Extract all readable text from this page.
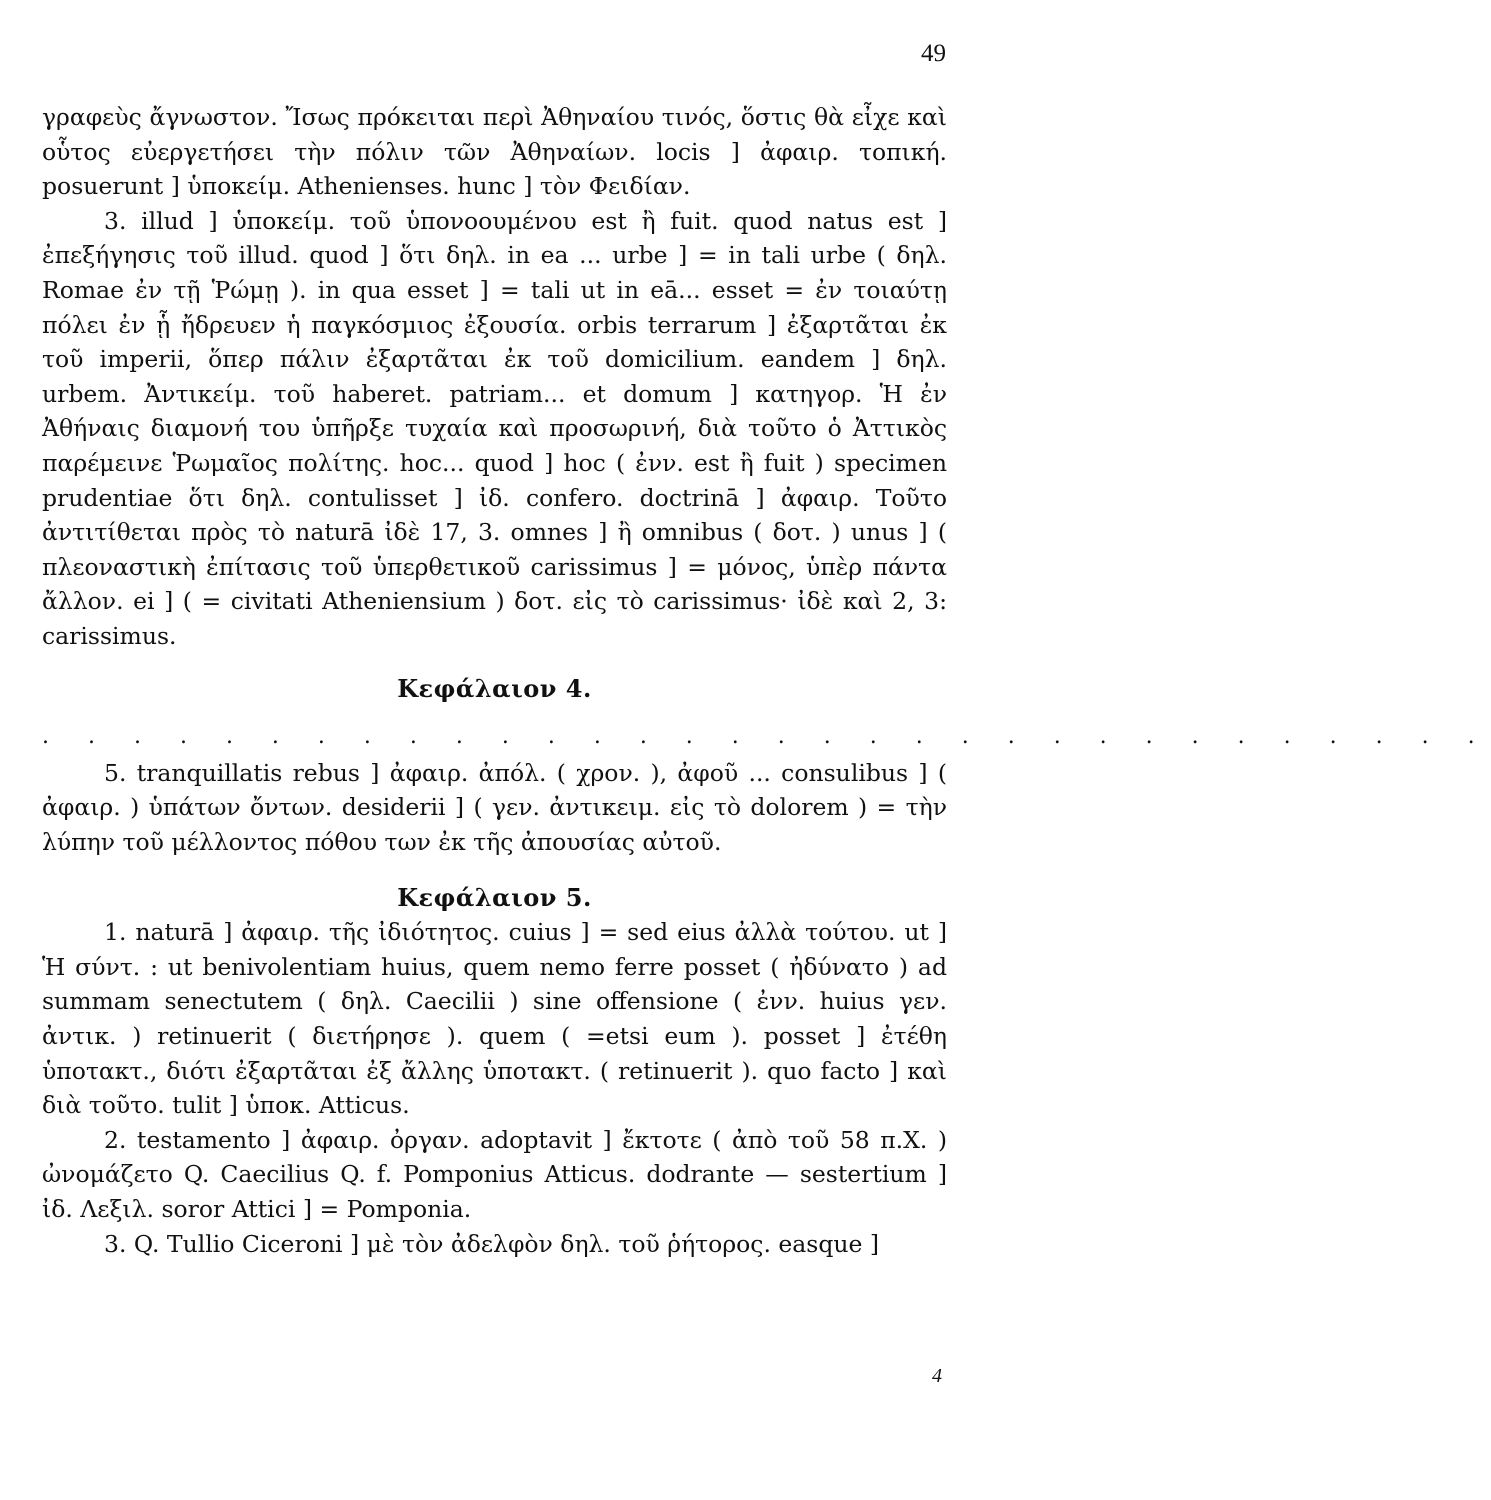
49

γραφεὺς ἄγνωστον. Ἴσως πρόκειται περὶ Ἀθηναίου τινός, ὅστις θὰ εἶχε καὶ οὗτος εὐεργετήσει τὴν πόλιν τῶν Ἀθηναίων. locis ] ἀφαιρ. τοπική. posuerunt ] ὑποκείμ. Athenienses. hunc ] τὸν Φειδίαν.

3. illud ] ὑποκείμ. τοῦ ὑπονοουμένου est ἢ fuit. quod natus est ] ἐπεξήγησις τοῦ illud. quod ] ὅτι δηλ. in ea ... urbe ] = in tali urbe ( δηλ. Romae ἐν τῇ Ῥώμῃ ). in qua esset ] = tali ut in eā... esset = ἐν τοιαύτῃ πόλει ἐν ᾗ ἤδρευεν ἡ παγκόσμιος ἐξουσία. orbis terrarum ] ἐξαρτᾶται ἐκ τοῦ imperii, ὅπερ πάλιν ἐξαρτᾶται ἐκ τοῦ domicilium. eandem ] δηλ. urbem. Ἀντικείμ. τοῦ haberet. patriam... et domum ] κατηγορ. Ἡ ἐν Ἀθήναις διαμονή του ὑπῆρξε τυχαία καὶ προσωρινή, διὰ τοῦτο ὁ Ἀττικὸς παρέμεινε Ῥωμαῖος πολίτης. hoc... quod ] hoc ( ἐνν. est ἢ fuit ) specimen prudentiae ὅτι δηλ. contulisset ] ἰδ. confero. doctrinā ] ἀφαιρ. Τοῦτο ἀντιτίθεται πρὸς τὸ naturā ἰδὲ 17, 3. omnes ] ἢ omnibus ( δοτ. ) unus ] ( πλεοναστικὴ ἐπίτασις τοῦ ὑπερθετικοῦ carissimus ] = μόνος, ὑπὲρ πάντα ἄλλον. ei ] ( = civitati Atheniensium ) δοτ. εἰς τὸ carissimus· ἰδὲ καὶ 2, 3: carissimus.

Κεφάλαιον 4.
. . . . . . . . . . . . . . . . . . . . . . . . . . . . . . . .

5. tranquillatis rebus ] ἀφαιρ. ἀπόλ. ( χρον. ), ἀφοῦ ... consulibus ] ( ἀφαιρ. ) ὑπάτων ὄντων. desiderii ] ( γεν. ἀντικειμ. εἰς τὸ dolorem ) = τὴν λύπην τοῦ μέλλοντος πόθου των ἐκ τῆς ἀπουσίας αὐτοῦ.

Κεφάλαιον 5.

1. naturā ] ἀφαιρ. τῆς ἰδιότητος. cuius ] = sed eius ἀλλὰ τούτου. ut ] Ἡ σύντ. : ut benivolentiam huius, quem nemo ferre posset ( ἠδύνατο ) ad summam senectutem ( δηλ. Caecilii ) sine offensione ( ἐνν. huius γεν. ἀντικ. ) retinuerit ( διετήρησε ). quem ( =etsi eum ). posset ] ἐτέθη ὑποτακτ., διότι ἐξαρτᾶται ἐξ ἄλλης ὑποτακτ. ( retinuerit ). quo facto ] καὶ διὰ τοῦτο. tulit ] ὑποκ. Atticus.

2. testamento ] ἀφαιρ. ὀργαν. adoptavit ] ἔκτοτε ( ἀπὸ τοῦ 58 π.Χ. ) ὠνομάζετο Q. Caecilius Q. f. Pomponius Atticus. dodrante — sestertium ] ἰδ. Λεξιλ. soror Attici ] = Pomponia.

3. Q. Tullio Ciceroni ] μὲ τὸν ἀδελφὸν δηλ. τοῦ ῥήτορος. easque ]

4
